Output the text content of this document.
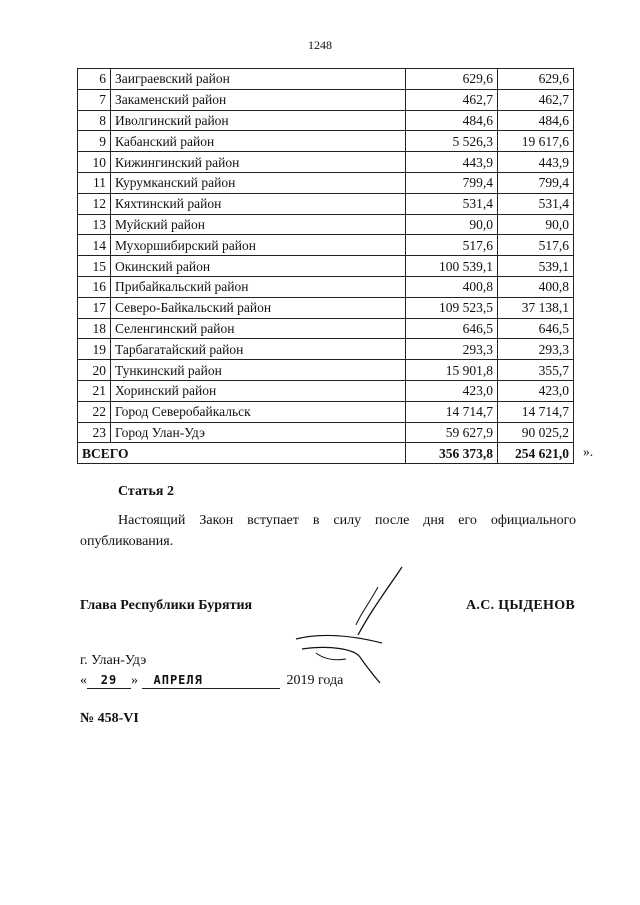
1248
6	Заиграевский район	629,6	629,6
7	Закаменский район	462,7	462,7
8	Иволгинский район	484,6	484,6
9	Кабанский район	5 526,3	19 617,6
10	Кижингинский район	443,9	443,9
11	Курумканский район	799,4	799,4
12	Кяхтинский район	531,4	531,4
13	Муйский район	90,0	90,0
14	Мухоршибирский район	517,6	517,6
15	Окинский район	100 539,1	539,1
16	Прибайкальский район	400,8	400,8
17	Северо-Байкальский район	109 523,5	37 138,1
18	Селенгинский район	646,5	646,5
19	Тарбагатайский район	293,3	293,3
20	Тункинский район	15 901,8	355,7
21	Хоринский район	423,0	423,0
22	Город Северобайкальск	14 714,7	14 714,7
23	Город Улан-Удэ	59 627,9	90 025,2
ВСЕГО		356 373,8	254 621,0 ».
Статья 2
Настоящий Закон вступает в силу после дня его официального опубликования.
Глава Республики Бурятия	А.С. ЦЫДЕНОВ
г. Улан-Удэ
« 29 » АПРЕЛЯ	2019 года
№ 458-VI
